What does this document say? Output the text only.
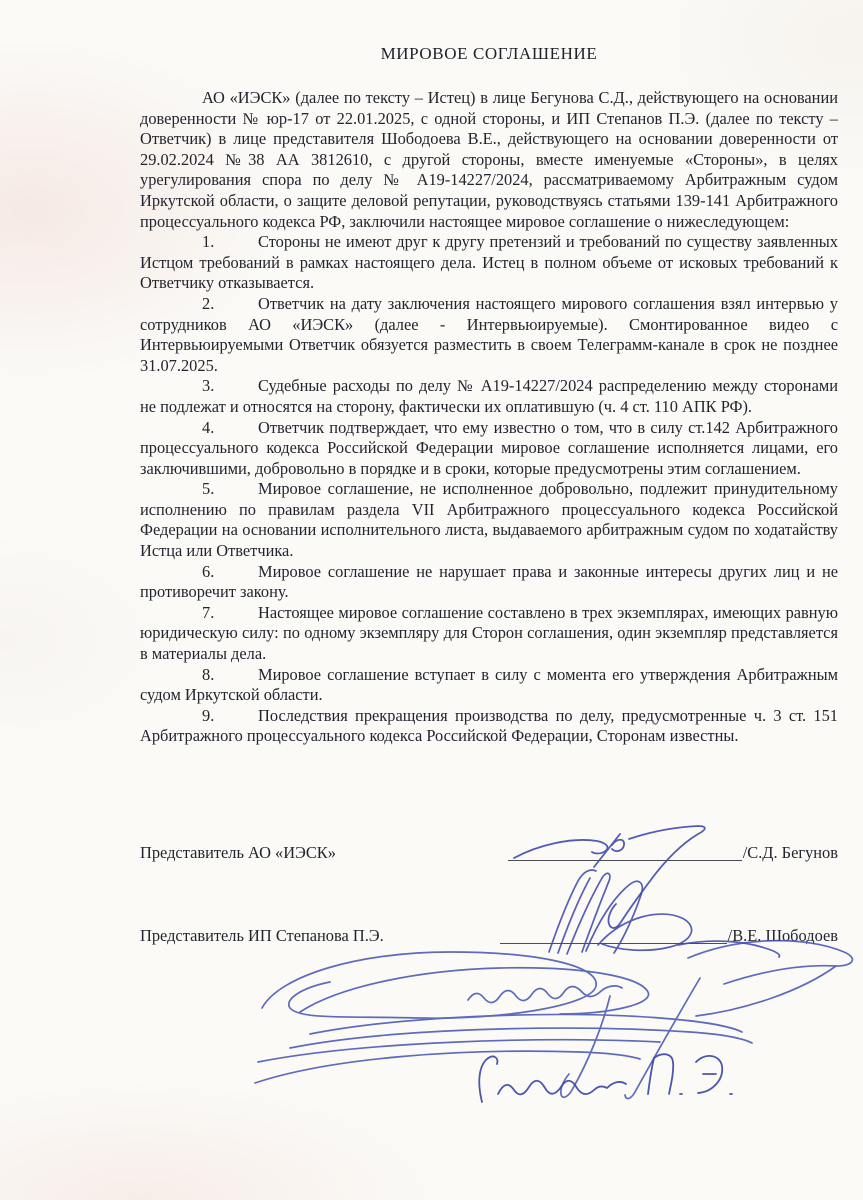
МИРОВОЕ СОГЛАШЕНИЕ

АО «ИЭСК» (далее по тексту – Истец) в лице Бегунова С.Д., действующего на основании доверенности № юр-17 от 22.01.2025, с одной стороны, и ИП Степанов П.Э. (далее по тексту – Ответчик) в лице представителя Шободоева В.Е., действующего на основании доверенности от 29.02.2024 №38 АА 3812610, с другой стороны, вместе именуемые «Стороны», в целях урегулирования спора по делу № А19-14227/2024, рассматриваемому Арбитражным судом Иркутской области, о защите деловой репутации, руководствуясь статьями 139-141 Арбитражного процессуального кодекса РФ, заключили настоящее мировое соглашение о нижеследующем:

1.	Стороны не имеют друг к другу претензий и требований по существу заявленных Истцом требований в рамках настоящего дела. Истец в полном объеме от исковых требований к Ответчику отказывается.

2.	Ответчик на дату заключения настоящего мирового соглашения взял интервью у сотрудников АО «ИЭСК» (далее - Интервьюируемые). Смонтированное видео с Интервьюируемыми Ответчик обязуется разместить в своем Телеграмм-канале в срок не позднее 31.07.2025.

3.	Судебные расходы по делу № А19-14227/2024 распределению между сторонами не подлежат и относятся на сторону, фактически их оплатившую (ч. 4 ст. 110 АПК РФ).

4.	Ответчик подтверждает, что ему известно о том, что в силу ст.142 Арбитражного процессуального кодекса Российской Федерации мировое соглашение исполняется лицами, его заключившими, добровольно в порядке и в сроки, которые предусмотрены этим соглашением.

5.	Мировое соглашение, не исполненное добровольно, подлежит принудительному исполнению по правилам раздела VII Арбитражного процессуального кодекса Российской Федерации на основании исполнительного листа, выдаваемого арбитражным судом по ходатайству Истца или Ответчика.

6.	Мировое соглашение не нарушает права и законные интересы других лиц и не противоречит закону.

7.	Настоящее мировое соглашение составлено в трех экземплярах, имеющих равную юридическую силу: по одному экземпляру для Сторон соглашения, один экземпляр представляется в материалы дела.

8.	Мировое соглашение вступает в силу с момента его утверждения Арбитражным судом Иркутской области.

9.	Последствия прекращения производства по делу, предусмотренные ч. 3 ст. 151 Арбитражного процессуального кодекса Российской Федерации, Сторонам известны.

Представитель АО «ИЭСК»	/С.Д. Бегунов
Представитель ИП Степанова П.Э.	/В.Е. Шободоев
